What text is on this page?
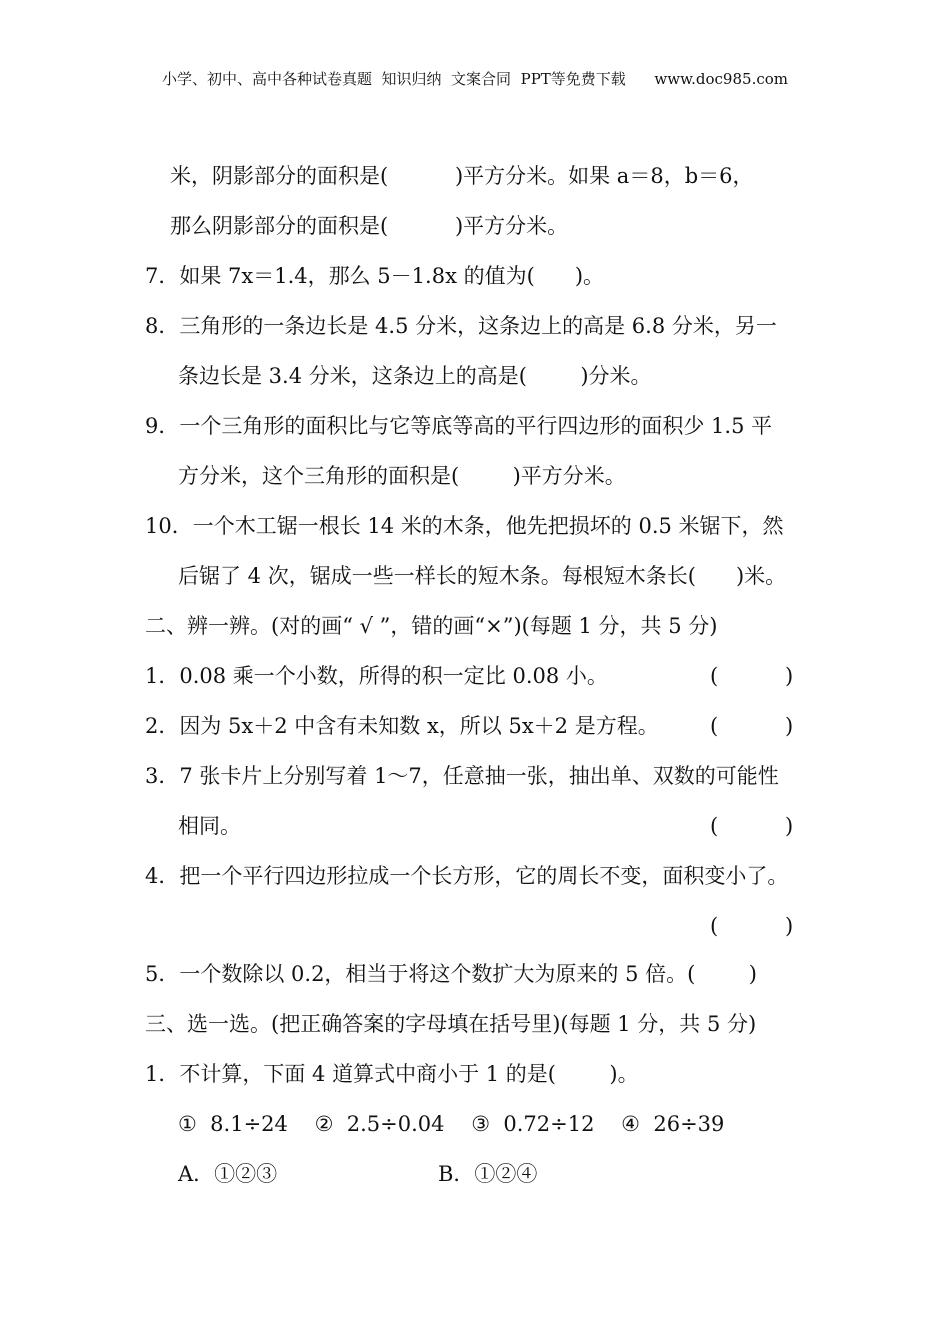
小学、初中、高中各种试卷真题  知识归纳  文案合同  PPT等免费下载      www.doc985.com
米，阴影部分的面积是(          )平方分米。如果 a＝8，b＝6，
那么阴影部分的面积是(          )平方分米。
7．如果 7x＝1.4，那么 5－1.8x 的值为(      )。
8．三角形的一条边长是 4.5 分米，这条边上的高是 6.8 分米，另一
条边长是 3.4 分米，这条边上的高是(        )分米。
9．一个三角形的面积比与它等底等高的平行四边形的面积少 1.5 平
方分米，这个三角形的面积是(        )平方分米。
10．一个木工锯一根长 14 米的木条，他先把损坏的 0.5 米锯下，然
后锯了 4 次，锯成一些一样长的短木条。每根短木条长(      )米。
二、辨一辨。(对的画“ √ ”，错的画“×”)(每题 1 分，共 5 分)
1．0.08 乘一个小数，所得的积一定比 0.08 小。	(          )
2．因为 5x＋2 中含有未知数 x，所以 5x＋2 是方程。 (          )
3．7 张卡片上分别写着 1～7，任意抽一张，抽出单、双数的可能性
相同。	(          )
4．把一个平行四边形拉成一个长方形，它的周长不变，面积变小了。
(          )
5．一个数除以 0.2，相当于将这个数扩大为原来的 5 倍。(        )
三、选一选。(把正确答案的字母填在括号里)(每题 1 分，共 5 分)
1．不计算，下面 4 道算式中商小于 1 的是(        )。
①  8.1÷24    ②  2.5÷0.04    ③  0.72÷12    ④  26÷39
A．①②③	B．①②④
